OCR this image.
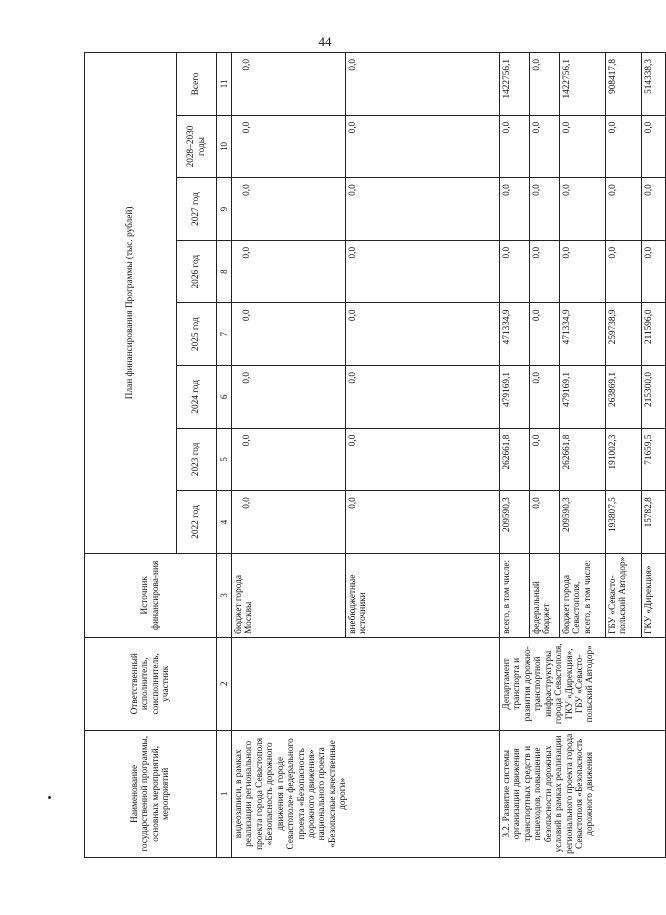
44
Наименование государственной программы, основных мероприятий, мероприятий	Ответственный исполнитель, соисполнитель, участник	Источник финансирова-ния	План финансирования Программы (тыс. рублей)							
			2022 год	2023 год	2024 год	2025 год	2026 год	2027 год	2028–2030 годы	Всего
1	2	3	4	5	6	7	8	9	10	11
видеозаписи, в рамках реализации регионального проекта города Севастополя «Безопасность дорожного движения в городе Севастополе» федерального проекта «Безопасность дорожного движения» национального проекта «Безопасные качественные дороги»		бюджет города Москвы	0,0	0,0	0,0	0,0	0,0	0,0	0,0	0,0
		внебюджетные источники	0,0	0,0	0,0	0,0	0,0	0,0	0,0	0,0
3.2. Развитие системы организации движения транспортных средств и пешеходов, повышение безопасности дорожных условий в рамках реализации регионального проекта города Севастополя «Безопасность дорожного движения	Департамент транспорта и развития дорожно-транспортной инфраструктуры города Севастополя, ГКУ «Дирекция», ГБУ «Севасто-польский Автодор»	всего, в том числе:	209590,3	262661,8	479169,1	471334,9	0,0	0,0	0,0	1422756,1
		федеральный бюджет	0,0	0,0	0,0	0,0	0,0	0,0	0,0	0,0
		бюджет города Севастополя, всего, в том числе:	209590,3	262661,8	479169,1	471334,9	0,0	0,0	0,0	1422756,1
		ГБУ «Севасто-польский Автодор»	193807,5	191002,3	263869,1	259738,9	0,0	0,0	0,0	908417,8
		ГКУ «Дирекция»	15782,8	71659,5	215300,0	211596,0	0,0	0,0	0,0	514338,3
